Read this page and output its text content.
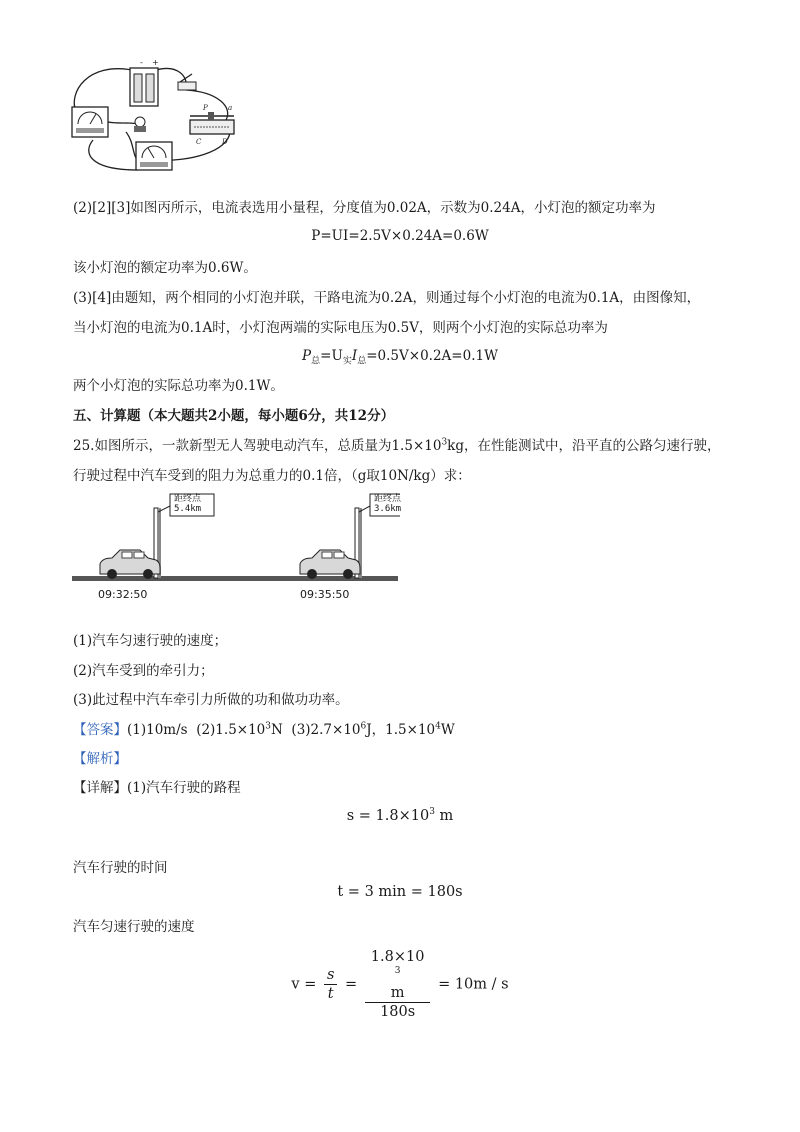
- +
P	a
C	D
(2)[2][3]如图丙所示，电流表选用小量程，分度值为0.02A，示数为0.24A，小灯泡的额定功率为
P=UI=2.5V×0.24A=0.6W
该小灯泡的额定功率为0.6W。
(3)[4]由题知，两个相同的小灯泡并联，干路电流为0.2A，则通过每个小灯泡的电流为0.1A，由图像知，
当小灯泡的电流为0.1A时，小灯泡两端的实际电压为0.5V，则两个小灯泡的实际总功率为
$P_总=U_实I_总=0.5V\times 0.2A=0.1W$
两个小灯泡的实际总功率为0.1W。
五、计算题（本大题共2小题，每小题6分，共12分）
25.如图所示，一款新型无人驾驶电动汽车，总质量为$1.5\times 10^3kg$，在性能测试中，沿平直的公路匀速行驶，
行驶过程中汽车受到的阻力为总重力的0.1倍，（g取10N/kg）求：
距终点
5.4km
距终点
3.6km
09:32:50	09:35:50
(1)汽车匀速行驶的速度；
(2)汽车受到的牵引力；
(3)此过程中汽车牵引力所做的功和做功功率。
【答案】(1)10m/s $(2)1.5\times 10^3N$ $(3)2.7\times 10^6J$，$1.5\times 10^4W$
【解析】
【详解】(1)汽车行驶的路程
$s = 1.8\times 10^3$ m
汽车行驶的时间
t = 3 min = 180s
汽车匀速行驶的速度
$v = \frac{s}{t} = 1.8\times 10$
$^3$
m
180s = 10m / s
